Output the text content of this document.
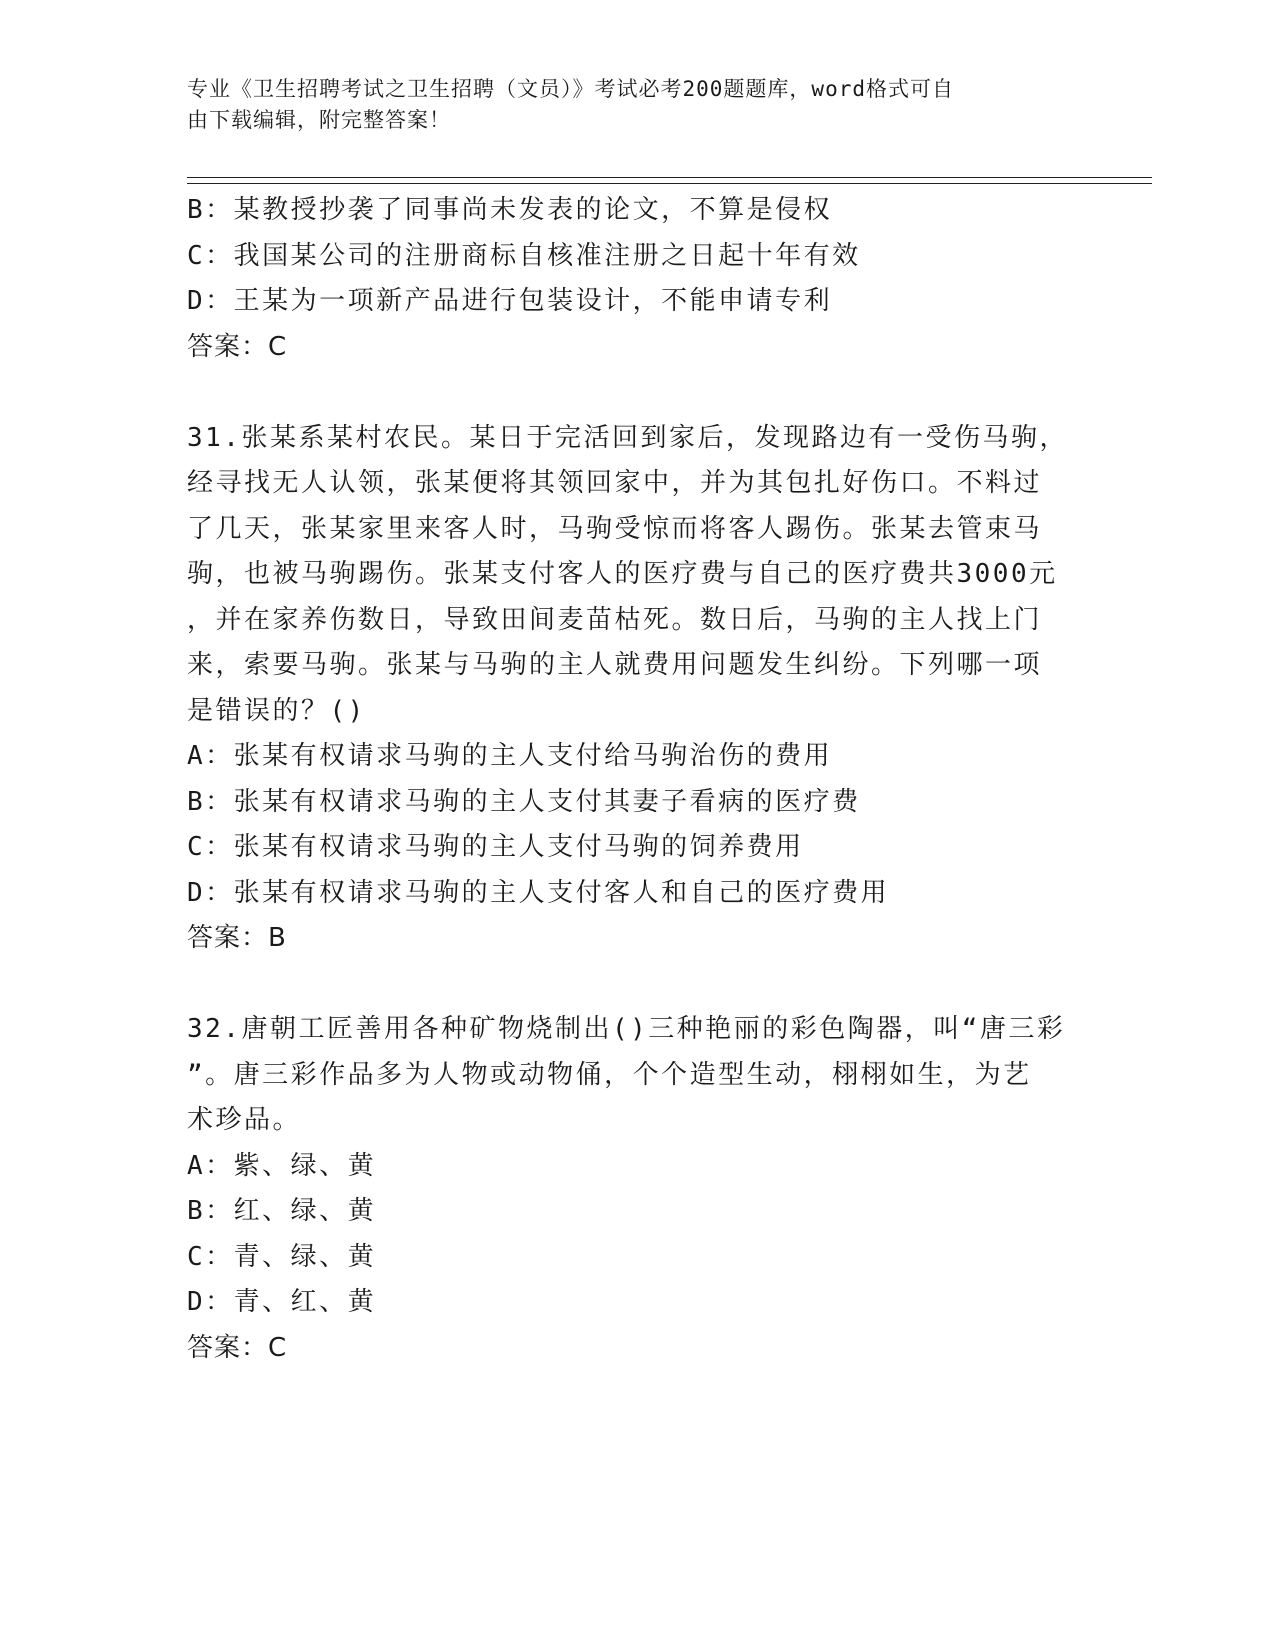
专业《卫生招聘考试之卫生招聘（文员）》考试必考200题题库，word格式可自
由下载编辑，附完整答案！
B：某教授抄袭了同事尚未发表的论文，不算是侵权
C：我国某公司的注册商标自核准注册之日起十年有效
D：王某为一项新产品进行包装设计，不能申请专利
答案：C
31.张某系某村农民。某日于完活回到家后，发现路边有一受伤马驹，
经寻找无人认领，张某便将其领回家中，并为其包扎好伤口。不料过
了几天，张某家里来客人时，马驹受惊而将客人踢伤。张某去管束马
驹，也被马驹踢伤。张某支付客人的医疗费与自己的医疗费共3000元
，并在家养伤数日，导致田间麦苗枯死。数日后，马驹的主人找上门
来，索要马驹。张某与马驹的主人就费用问题发生纠纷。下列哪一项
是错误的？()
A：张某有权请求马驹的主人支付给马驹治伤的费用
B：张某有权请求马驹的主人支付其妻子看病的医疗费
C：张某有权请求马驹的主人支付马驹的饲养费用
D：张某有权请求马驹的主人支付客人和自己的医疗费用
答案：B
32.唐朝工匠善用各种矿物烧制出()三种艳丽的彩色陶器，叫“唐三彩
”。唐三彩作品多为人物或动物俑，个个造型生动，栩栩如生，为艺
术珍品。
A：紫、绿、黄
B：红、绿、黄
C：青、绿、黄
D：青、红、黄
答案：C
